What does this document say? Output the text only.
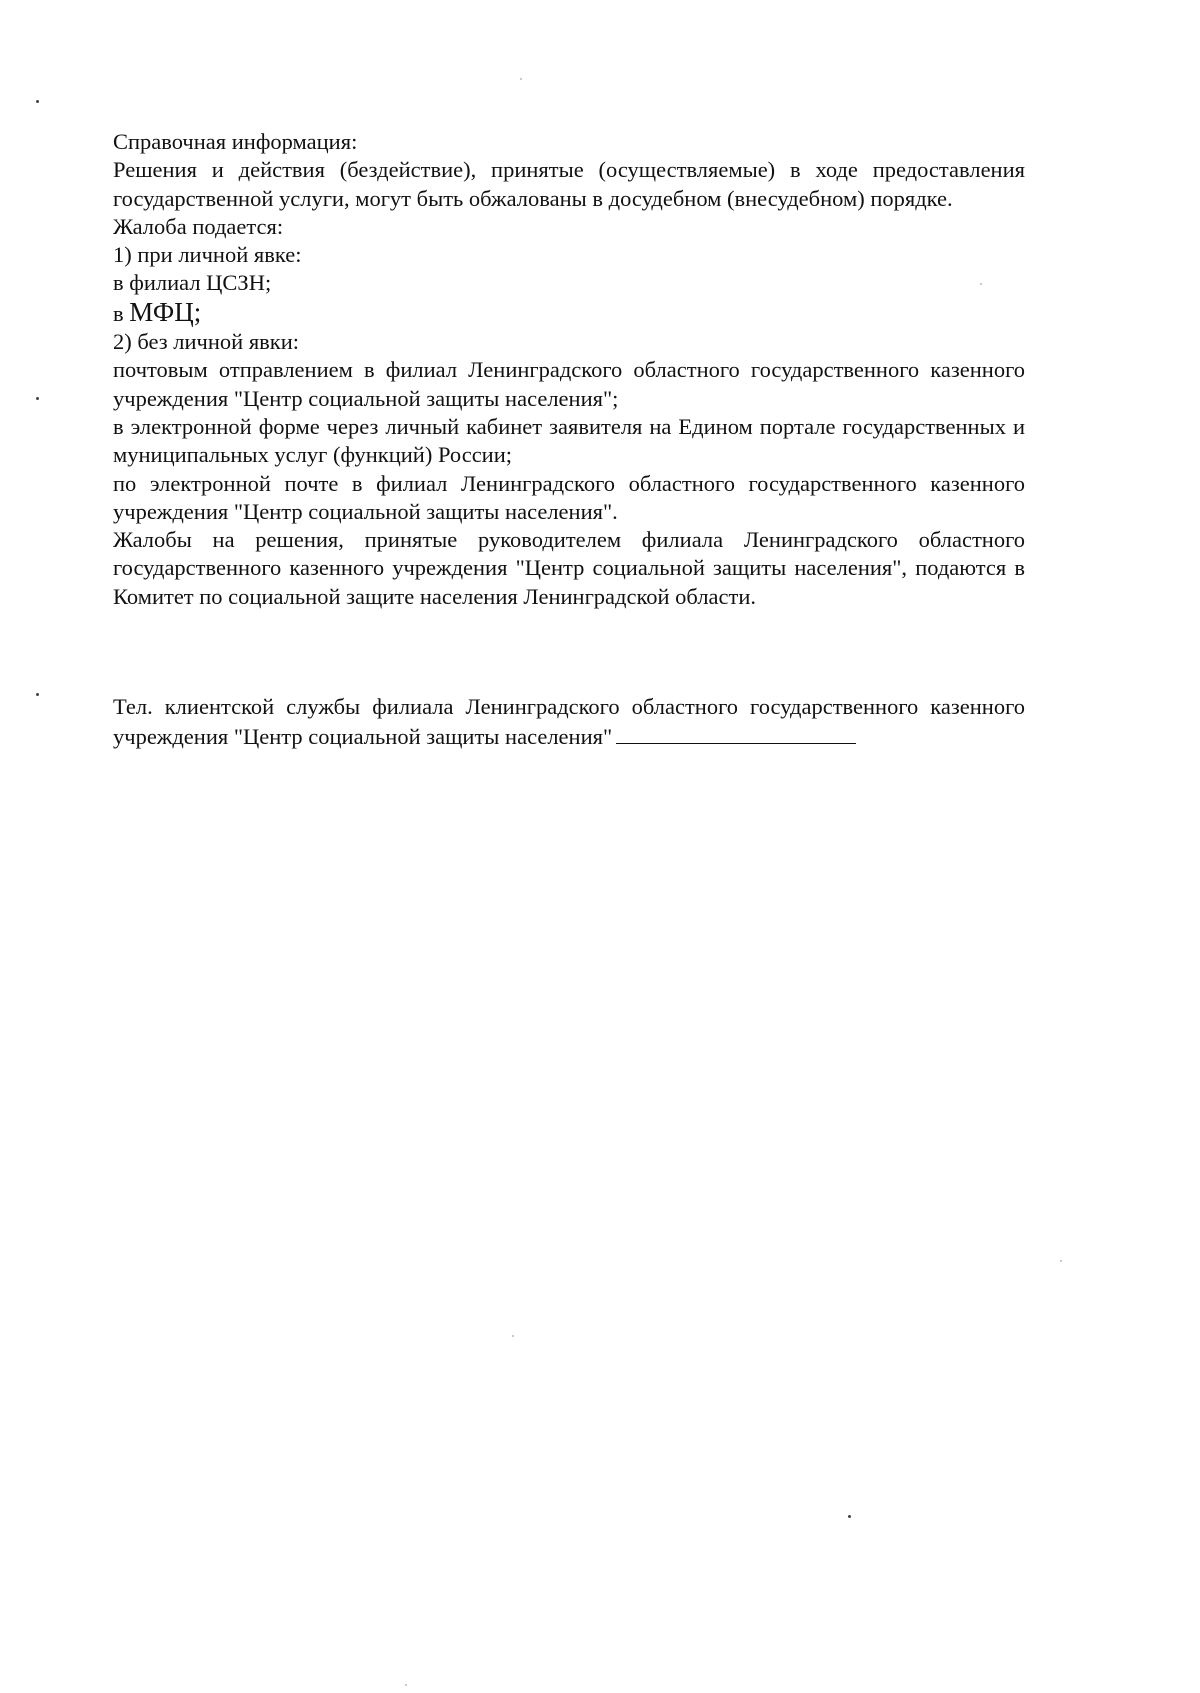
Справочная информация:

Решения и действия (бездействие), принятые (осуществляемые) в ходе предоставления государственной услуги, могут быть обжалованы в досудебном (внесудебном) порядке.

Жалоба подается:
1) при личной явке:
в филиал ЦСЗН;
в МФЦ;
2) без личной явки:

почтовым отправлением в филиал Ленинградского областного государственного казенного учреждения "Центр социальной защиты населения";

в электронной форме через личный кабинет заявителя на Едином портале государственных и муниципальных услуг (функций) России;

по электронной почте в филиал Ленинградского областного государственного казенного учреждения "Центр социальной защиты населения".

Жалобы на решения, принятые руководителем филиала Ленинградского областного государственного казенного учреждения "Центр социальной защиты населения", подаются в Комитет по социальной защите населения Ленинградской области.

Тел. клиентской службы филиала Ленинградского областного государственного казенного учреждения "Центр социальной защиты населения"
